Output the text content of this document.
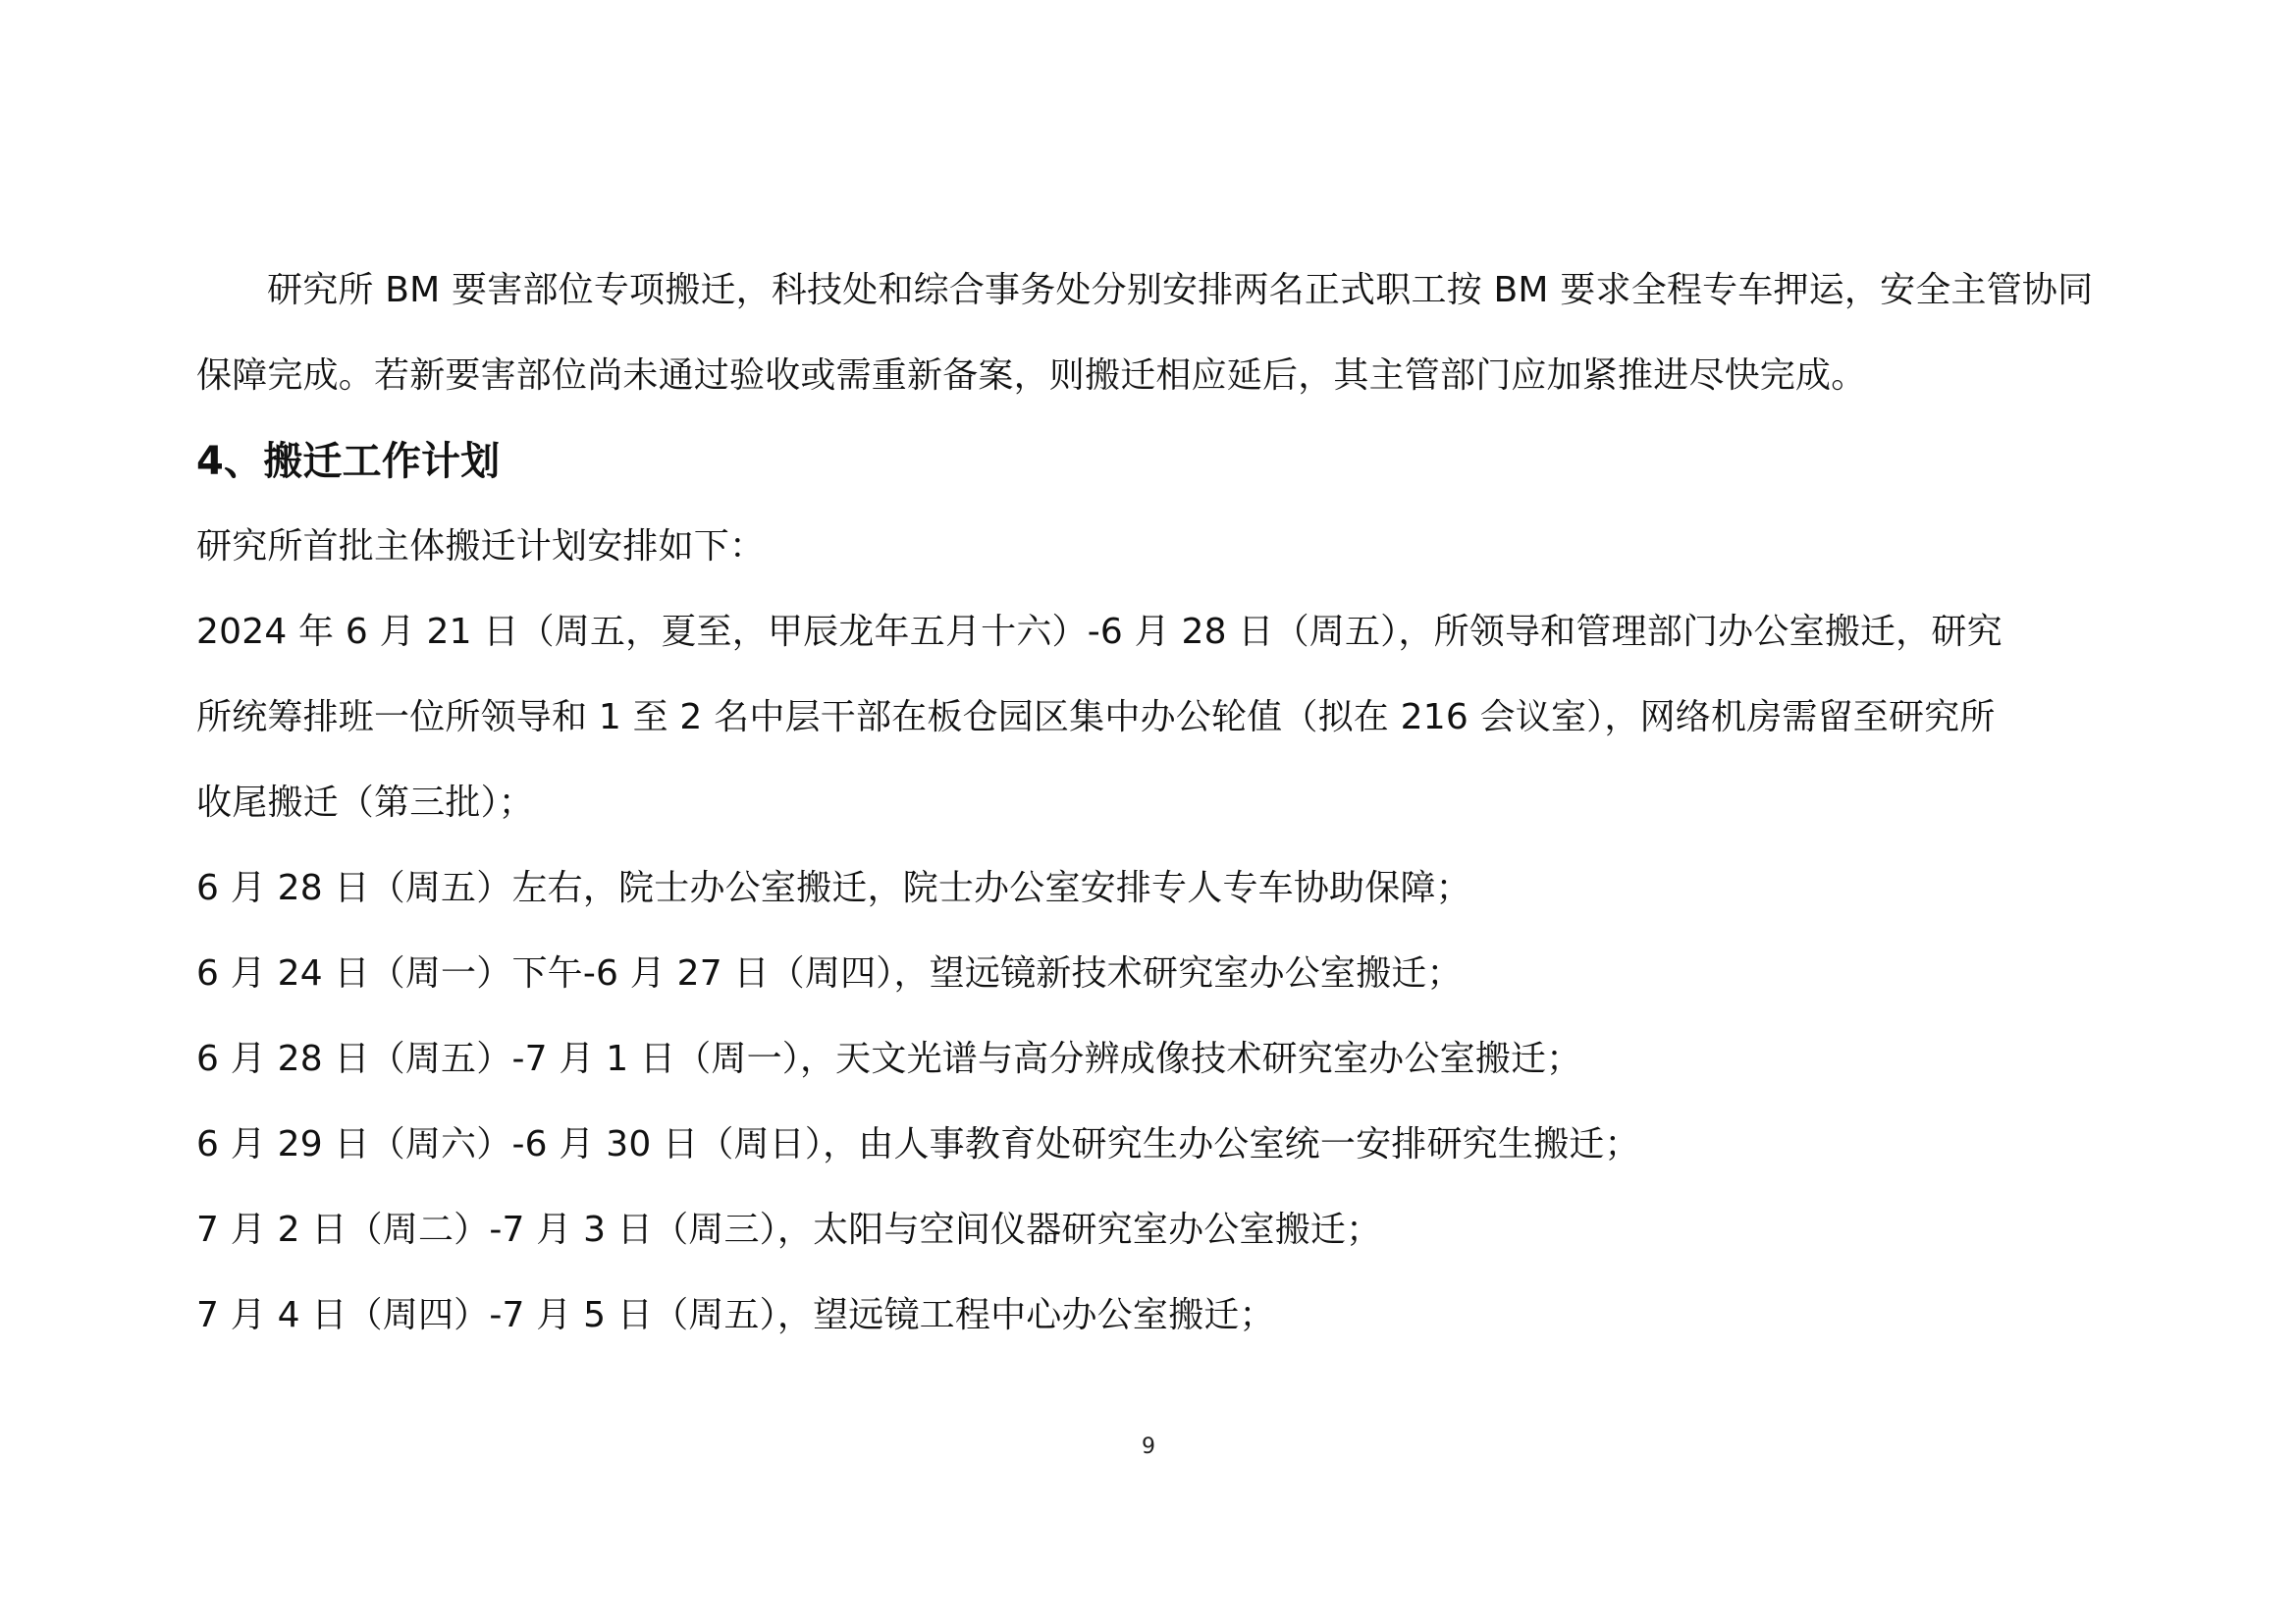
研究所 BM 要害部位专项搬迁，科技处和综合事务处分别安排两名正式职工按 BM 要求全程专车押运，安全主管协同
保障完成。若新要害部位尚未通过验收或需重新备案，则搬迁相应延后，其主管部门应加紧推进尽快完成。
4、搬迁工作计划
研究所首批主体搬迁计划安排如下：
2024 年 6 月 21 日（周五，夏至，甲辰龙年五月十六）-6 月 28 日（周五），所领导和管理部门办公室搬迁，研究
所统筹排班一位所领导和 1 至 2 名中层干部在板仓园区集中办公轮值（拟在 216 会议室），网络机房需留至研究所
收尾搬迁（第三批）；
6 月 28 日（周五）左右，院士办公室搬迁，院士办公室安排专人专车协助保障；
6 月 24 日（周一）下午-6 月 27 日（周四），望远镜新技术研究室办公室搬迁；
6 月 28 日（周五）-7 月 1 日（周一），天文光谱与高分辨成像技术研究室办公室搬迁；
6 月 29 日（周六）-6 月 30 日（周日），由人事教育处研究生办公室统一安排研究生搬迁；
7 月 2 日（周二）-7 月 3 日（周三），太阳与空间仪器研究室办公室搬迁；
7 月 4 日（周四）-7 月 5 日（周五），望远镜工程中心办公室搬迁；
9
